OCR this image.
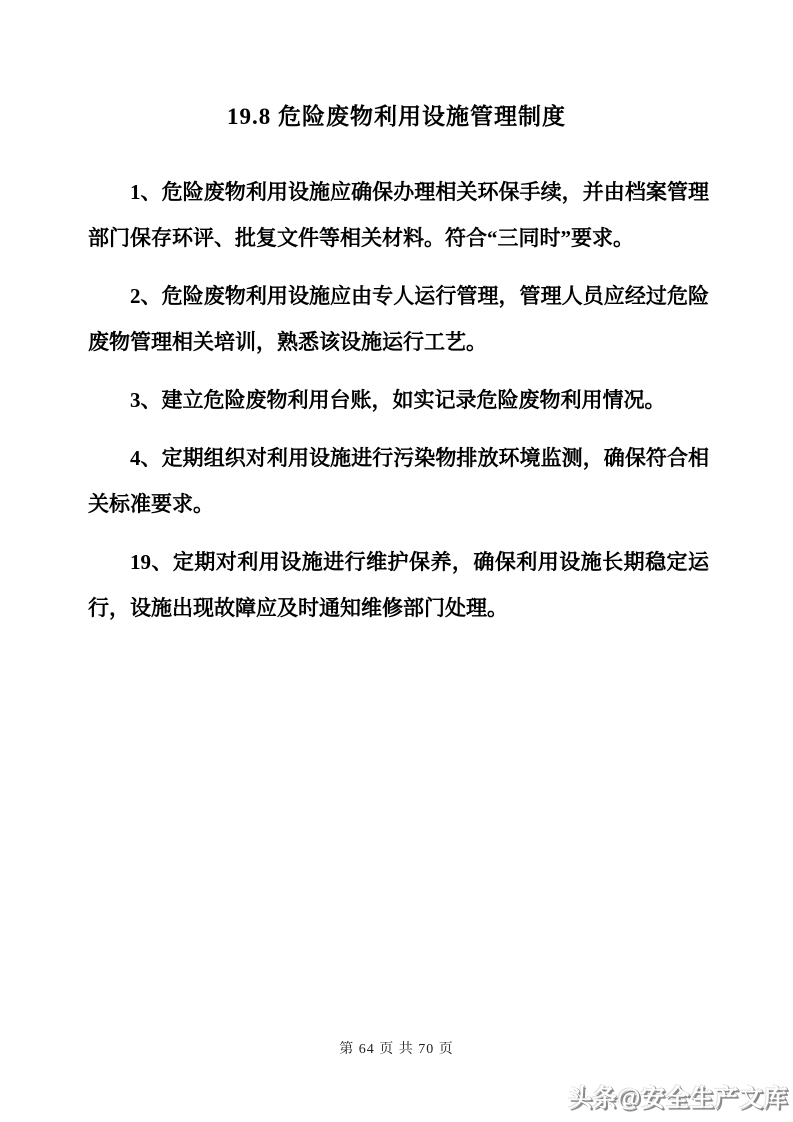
19.8 危险废物利用设施管理制度

1、危险废物利用设施应确保办理相关环保手续，并由档案管理部门保存环评、批复文件等相关材料。符合“三同时”要求。

2、危险废物利用设施应由专人运行管理，管理人员应经过危险废物管理相关培训，熟悉该设施运行工艺。

3、建立危险废物利用台账，如实记录危险废物利用情况。

4、定期组织对利用设施进行污染物排放环境监测，确保符合相关标准要求。

19、定期对利用设施进行维护保养，确保利用设施长期稳定运行，设施出现故障应及时通知维修部门处理。

第 64 页 共 70 页
头条@安全生产文库
